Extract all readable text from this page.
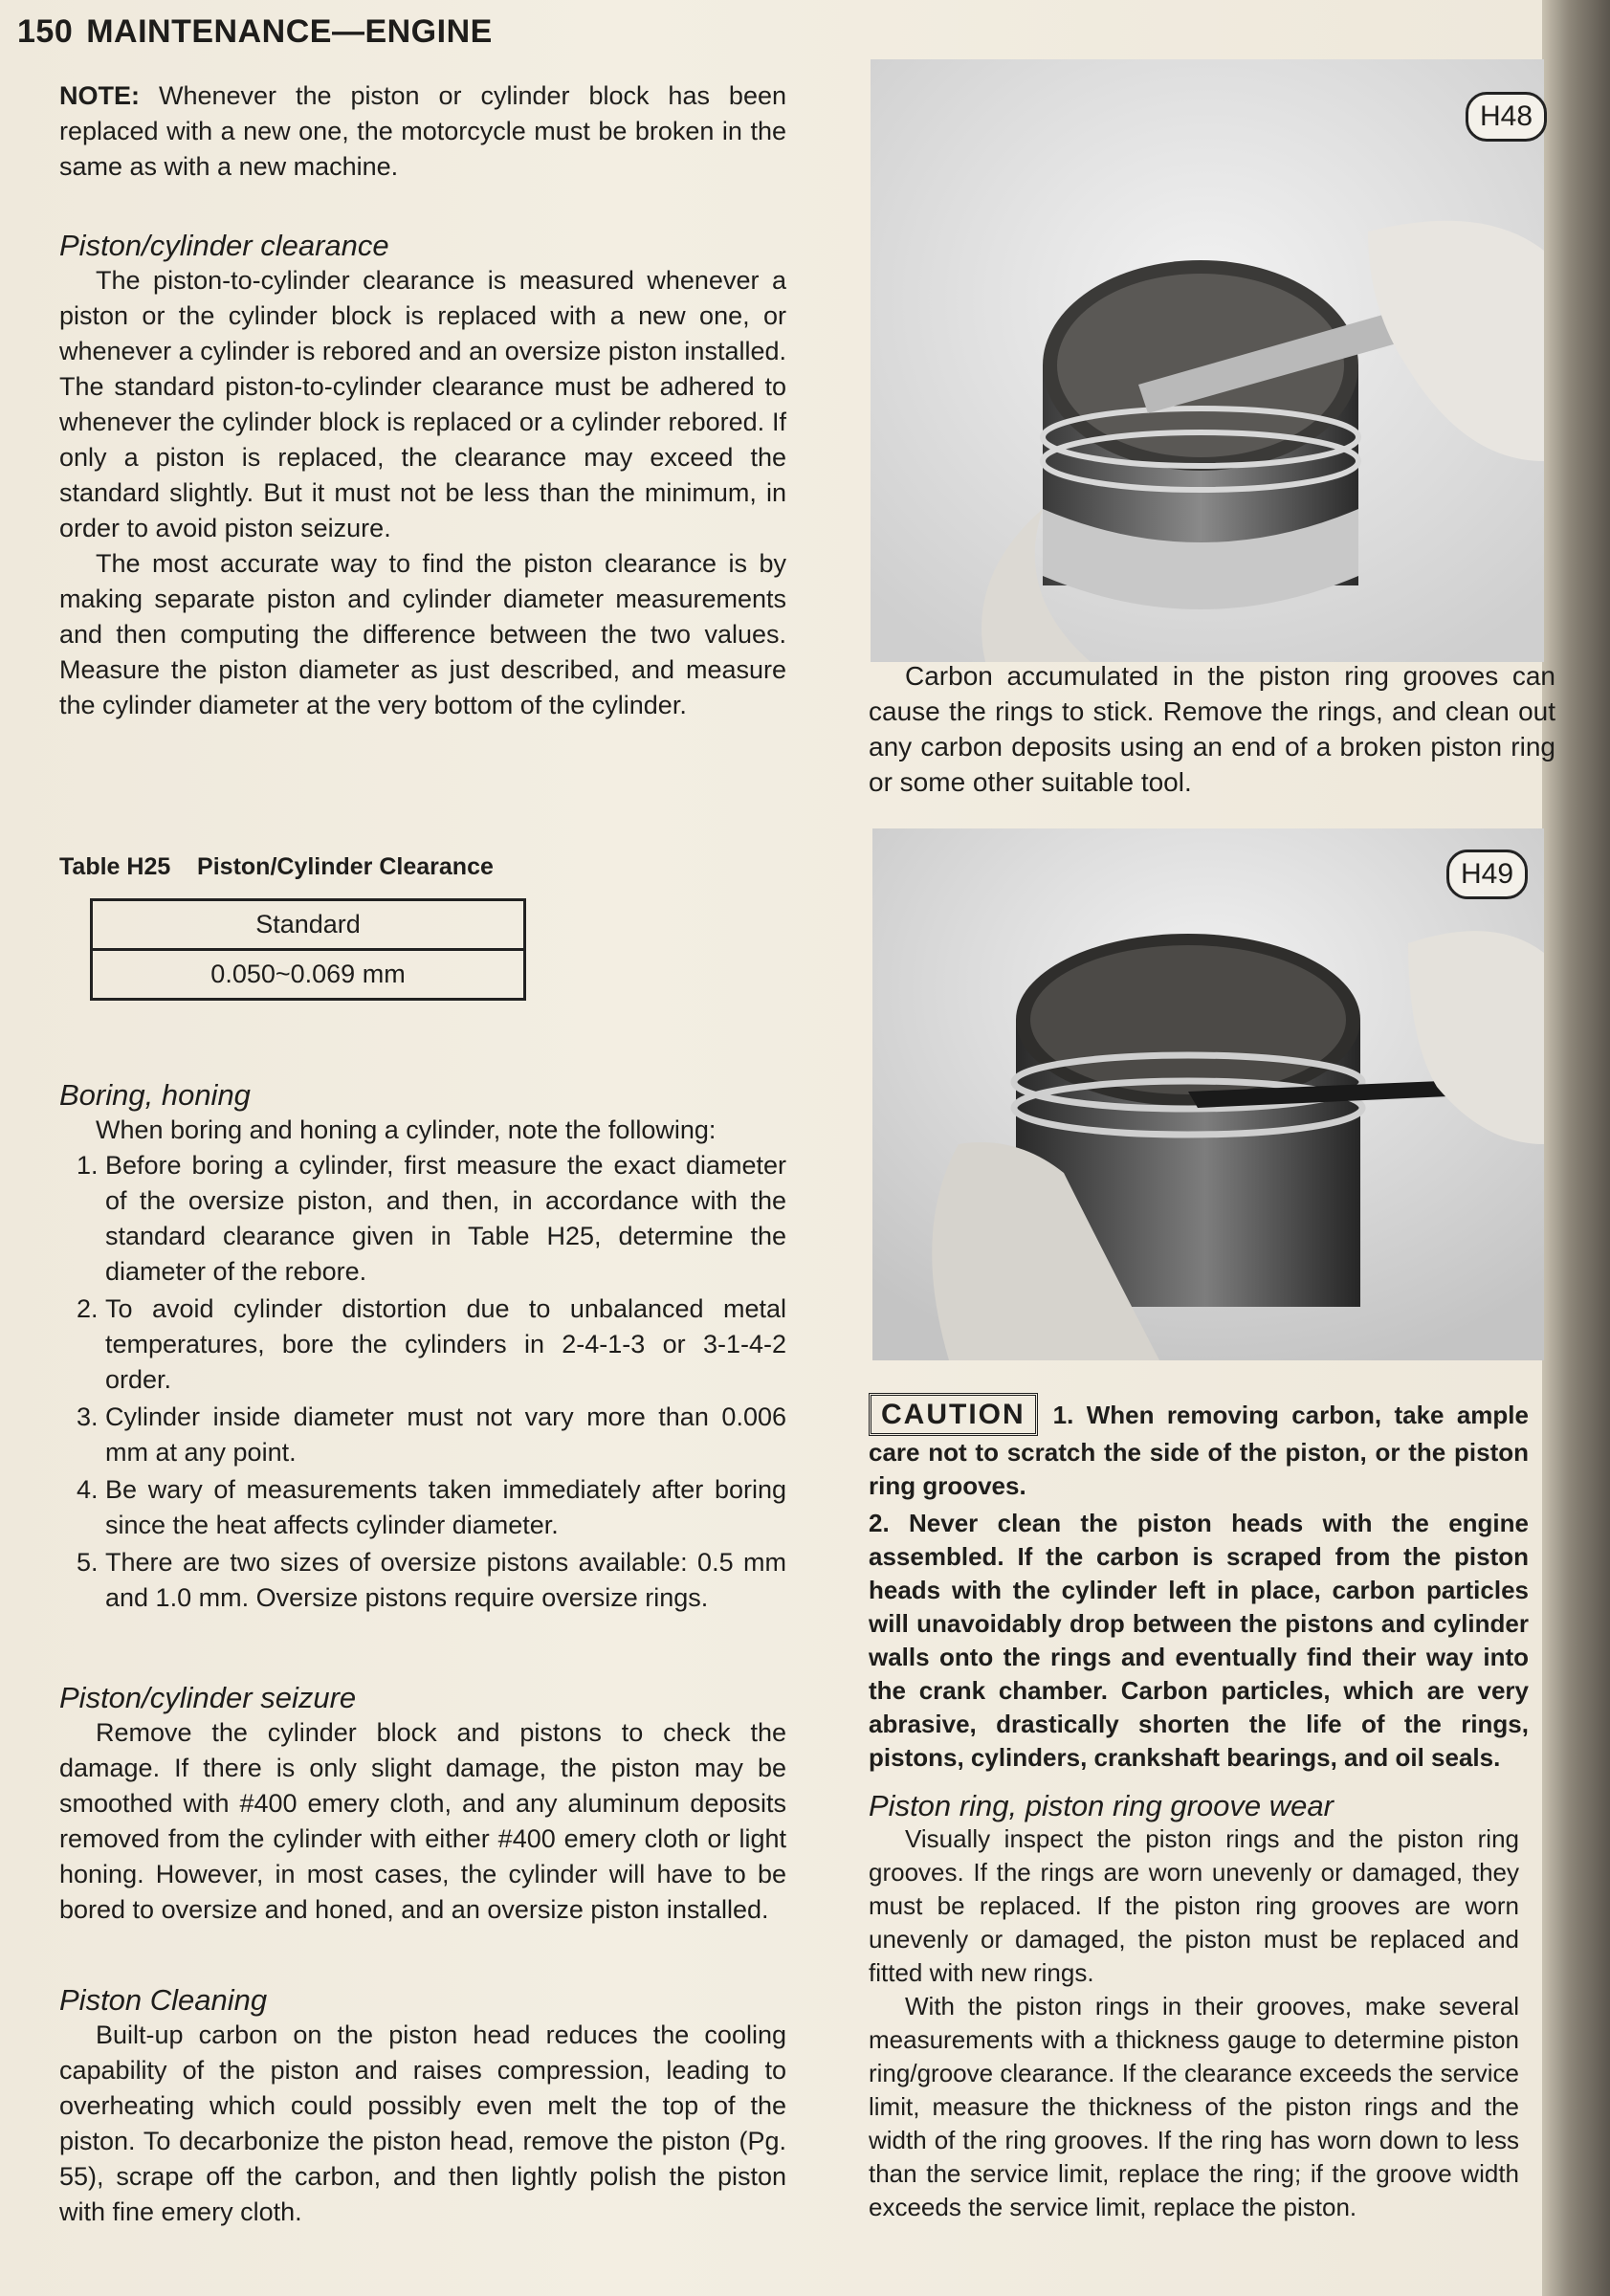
150 MAINTENANCE—ENGINE

NOTE: Whenever the piston or cylinder block has been replaced with a new one, the motorcycle must be broken in the same as with a new machine.

Piston/cylinder clearance

The piston-to-cylinder clearance is measured whenever a piston or the cylinder block is replaced with a new one, or whenever a cylinder is rebored and an oversize piston installed. The standard piston-to-cylinder clearance must be adhered to whenever the cylinder block is replaced or a cylinder rebored. If only a piston is replaced, the clearance may exceed the standard slightly. But it must not be less than the minimum, in order to avoid piston seizure.

The most accurate way to find the piston clearance is by making separate piston and cylinder diameter measurements and then computing the difference between the two values. Measure the piston diameter as just described, and measure the cylinder diameter at the very bottom of the cylinder.

Table H25 Piston/Cylinder Clearance
Standard
0.050~0.069 mm
Boring, honing

When boring and honing a cylinder, note the following:

1. Before boring a cylinder, first measure the exact diameter of the oversize piston, and then, in accordance with the standard clearance given in Table H25, determine the diameter of the rebore.
2. To avoid cylinder distortion due to unbalanced metal temperatures, bore the cylinders in 2-4-1-3 or 3-1-4-2 order.
3. Cylinder inside diameter must not vary more than 0.006 mm at any point.
4. Be wary of measurements taken immediately after boring since the heat affects cylinder diameter.
5. There are two sizes of oversize pistons available: 0.5 mm and 1.0 mm. Oversize pistons require oversize rings.
Piston/cylinder seizure

Remove the cylinder block and pistons to check the damage. If there is only slight damage, the piston may be smoothed with #400 emery cloth, and any aluminum deposits removed from the cylinder with either #400 emery cloth or light honing. However, in most cases, the cylinder will have to be bored to oversize and honed, and an oversize piston installed.

Piston Cleaning

Built-up carbon on the piston head reduces the cooling capability of the piston and raises compression, leading to overheating which could possibly even melt the top of the piston. To decarbonize the piston head, remove the piston (Pg. 55), scrape off the carbon, and then lightly polish the piston with fine emery cloth.

H48

Carbon accumulated in the piston ring grooves can cause the rings to stick. Remove the rings, and clean out any carbon deposits using an end of a broken piston ring or some other suitable tool.

H49

CAUTION 1. When removing carbon, take ample care not to scratch the side of the piston, or the piston ring grooves.

2. Never clean the piston heads with the engine assembled. If the carbon is scraped from the piston heads with the cylinder left in place, carbon particles will unavoidably drop between the pistons and cylinder walls onto the rings and eventually find their way into the crank chamber. Carbon particles, which are very abrasive, drastically shorten the life of the rings, pistons, cylinders, crankshaft bearings, and oil seals.

Piston ring, piston ring groove wear

Visually inspect the piston rings and the piston ring grooves. If the rings are worn unevenly or damaged, they must be replaced. If the piston ring grooves are worn unevenly or damaged, the piston must be replaced and fitted with new rings.

With the piston rings in their grooves, make several measurements with a thickness gauge to determine piston ring/groove clearance. If the clearance exceeds the service limit, measure the thickness of the piston rings and the width of the ring grooves. If the ring has worn down to less than the service limit, replace the ring; if the groove width exceeds the service limit, replace the piston.
